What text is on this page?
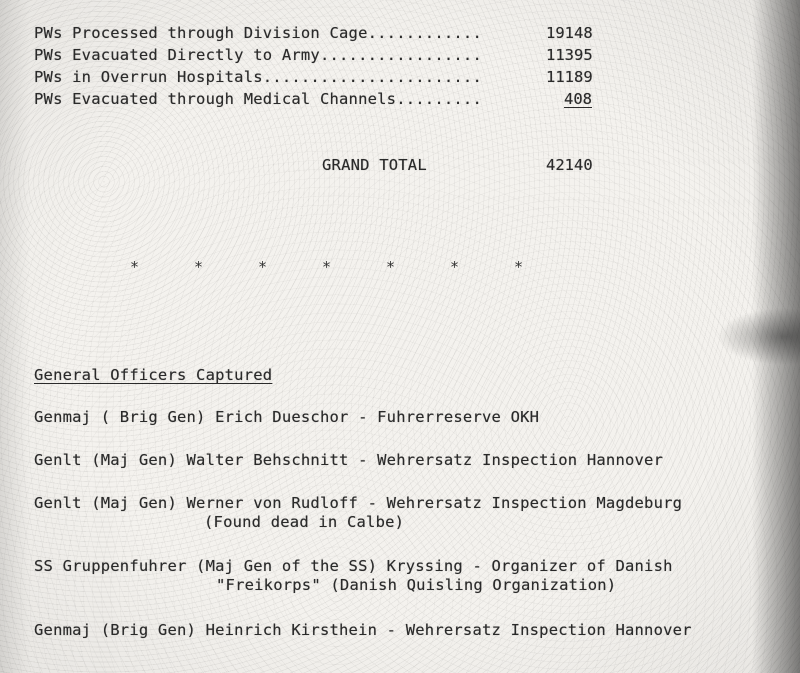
PWs Processed through Division Cage............	19148
PWs Evacuated Directly to Army.................	11395
PWs in Overrun Hospitals.......................	11189
PWs Evacuated through Medical Channels.........	408
GRAND TOTAL	42140
*	*	*	*	*	*	*
General Officers Captured
Genmaj ( Brig Gen) Erich Dueschor - Fuhrerreserve OKH
Genlt (Maj Gen) Walter Behschnitt - Wehrersatz Inspection Hannover
Genlt (Maj Gen) Werner von Rudloff - Wehrersatz Inspection Magdeburg
(Found dead in Calbe)
SS Gruppenfuhrer (Maj Gen of the SS) Kryssing - Organizer of Danish
"Freikorps" (Danish Quisling Organization)
Genmaj (Brig Gen) Heinrich Kirsthein - Wehrersatz Inspection Hannover
